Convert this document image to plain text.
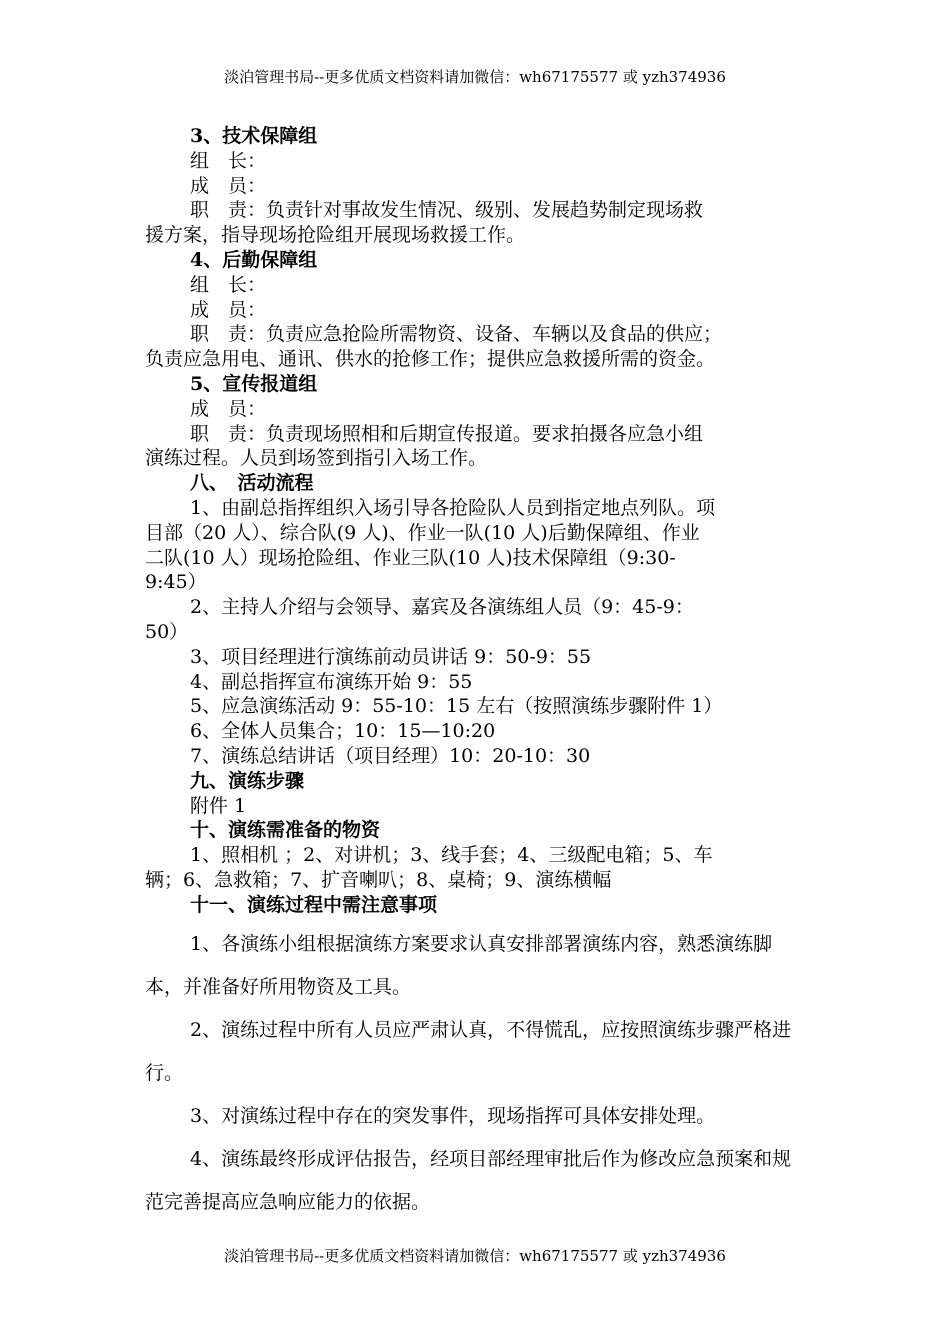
淡泊管理书局--更多优质文档资料请加微信：wh67175577 或 yzh374936

3、技术保障组

组　长：

成　员：

职　责：负责针对事故发生情况、级别、发展趋势制定现场救

援方案，指导现场抢险组开展现场救援工作。

4、后勤保障组

组　长：

成　员：

职　责：负责应急抢险所需物资、设备、车辆以及食品的供应；

负责应急用电、通讯、供水的抢修工作；提供应急救援所需的资金。

5、宣传报道组

成　员：

职　责：负责现场照相和后期宣传报道。要求拍摄各应急小组

演练过程。人员到场签到指引入场工作。

八、　活动流程

1、由副总指挥组织入场引导各抢险队人员到指定地点列队。项

目部（20 人）、综合队(9 人)、作业一队(10 人)后勤保障组、作业

二队(10 人）现场抢险组、作业三队(10 人)技术保障组（9:30-

9:45）

2、主持人介绍与会领导、嘉宾及各演练组人员（9：45-9：

50）

3、项目经理进行演练前动员讲话 9：50-9：55

4、副总指挥宣布演练开始 9：55

5、应急演练活动 9：55-10：15 左右（按照演练步骤附件 1）

6、全体人员集合；10：15—10:20

7、演练总结讲话（项目经理）10：20-10：30

九、演练步骤

附件 1

十、演练需准备的物资

1、照相机 ；2、对讲机；3、线手套；4、三级配电箱；5、车

辆；6、急救箱；7、扩音喇叭；8、桌椅；9、演练横幅

十一、演练过程中需注意事项

1、各演练小组根据演练方案要求认真安排部署演练内容，熟悉演练脚本，并准备好所用物资及工具。

2、演练过程中所有人员应严肃认真，不得慌乱，应按照演练步骤严格进行。

3、对演练过程中存在的突发事件，现场指挥可具体安排处理。

4、演练最终形成评估报告，经项目部经理审批后作为修改应急预案和规范完善提高应急响应能力的依据。

淡泊管理书局--更多优质文档资料请加微信：wh67175577 或 yzh374936
